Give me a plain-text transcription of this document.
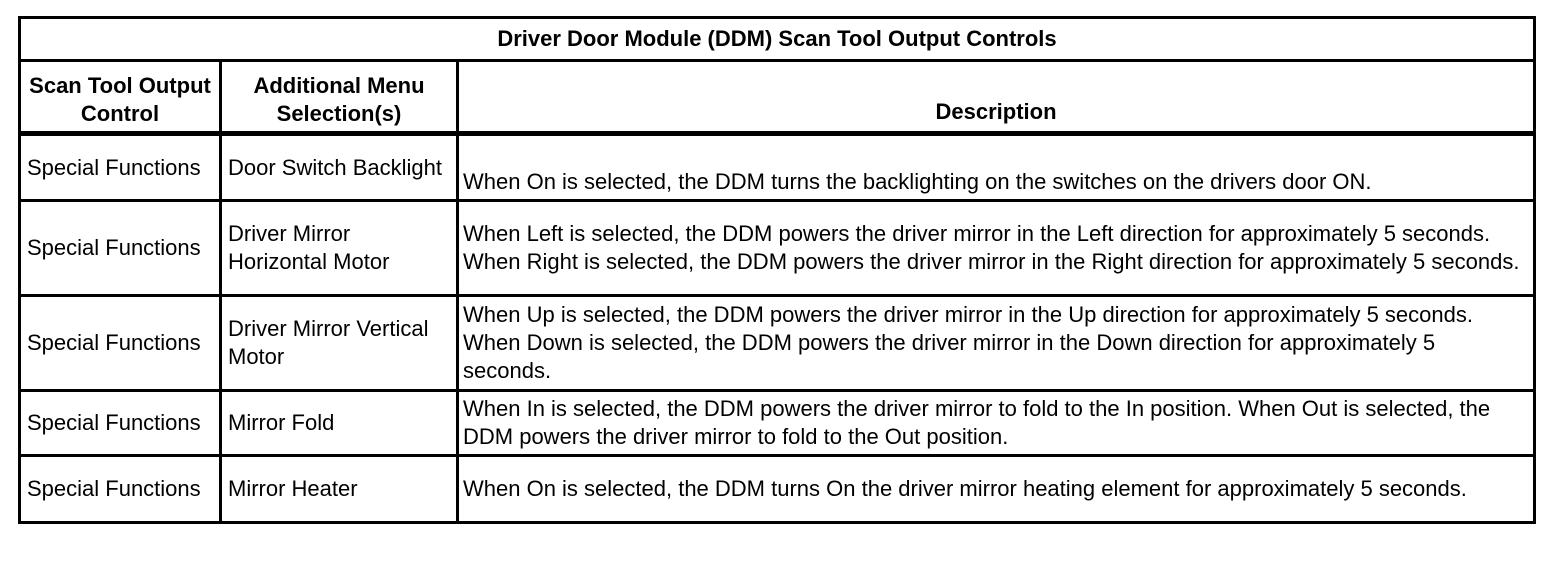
Driver Door Module (DDM) Scan Tool Output Controls		
Scan Tool Output Control	Additional Menu Selection(s)	Description
Special Functions	Door Switch Backlight	When On is selected, the DDM turns the backlighting on the switches on the drivers door ON.
Special Functions	Driver Mirror Horizontal Motor	When Left is selected, the DDM powers the driver mirror in the Left direction for approximately 5 seconds. When Right is selected, the DDM powers the driver mirror in the Right direction for approximately 5 seconds.
Special Functions	Driver Mirror Vertical Motor	When Up is selected, the DDM powers the driver mirror in the Up direction for approximately 5 seconds. When Down is selected, the DDM powers the driver mirror in the Down direction for approximately 5 seconds.
Special Functions	Mirror Fold	When In is selected, the DDM powers the driver mirror to fold to the In position. When Out is selected, the DDM powers the driver mirror to fold to the Out position.
Special Functions	Mirror Heater	When On is selected, the DDM turns On the driver mirror heating element for approximately 5 seconds.
